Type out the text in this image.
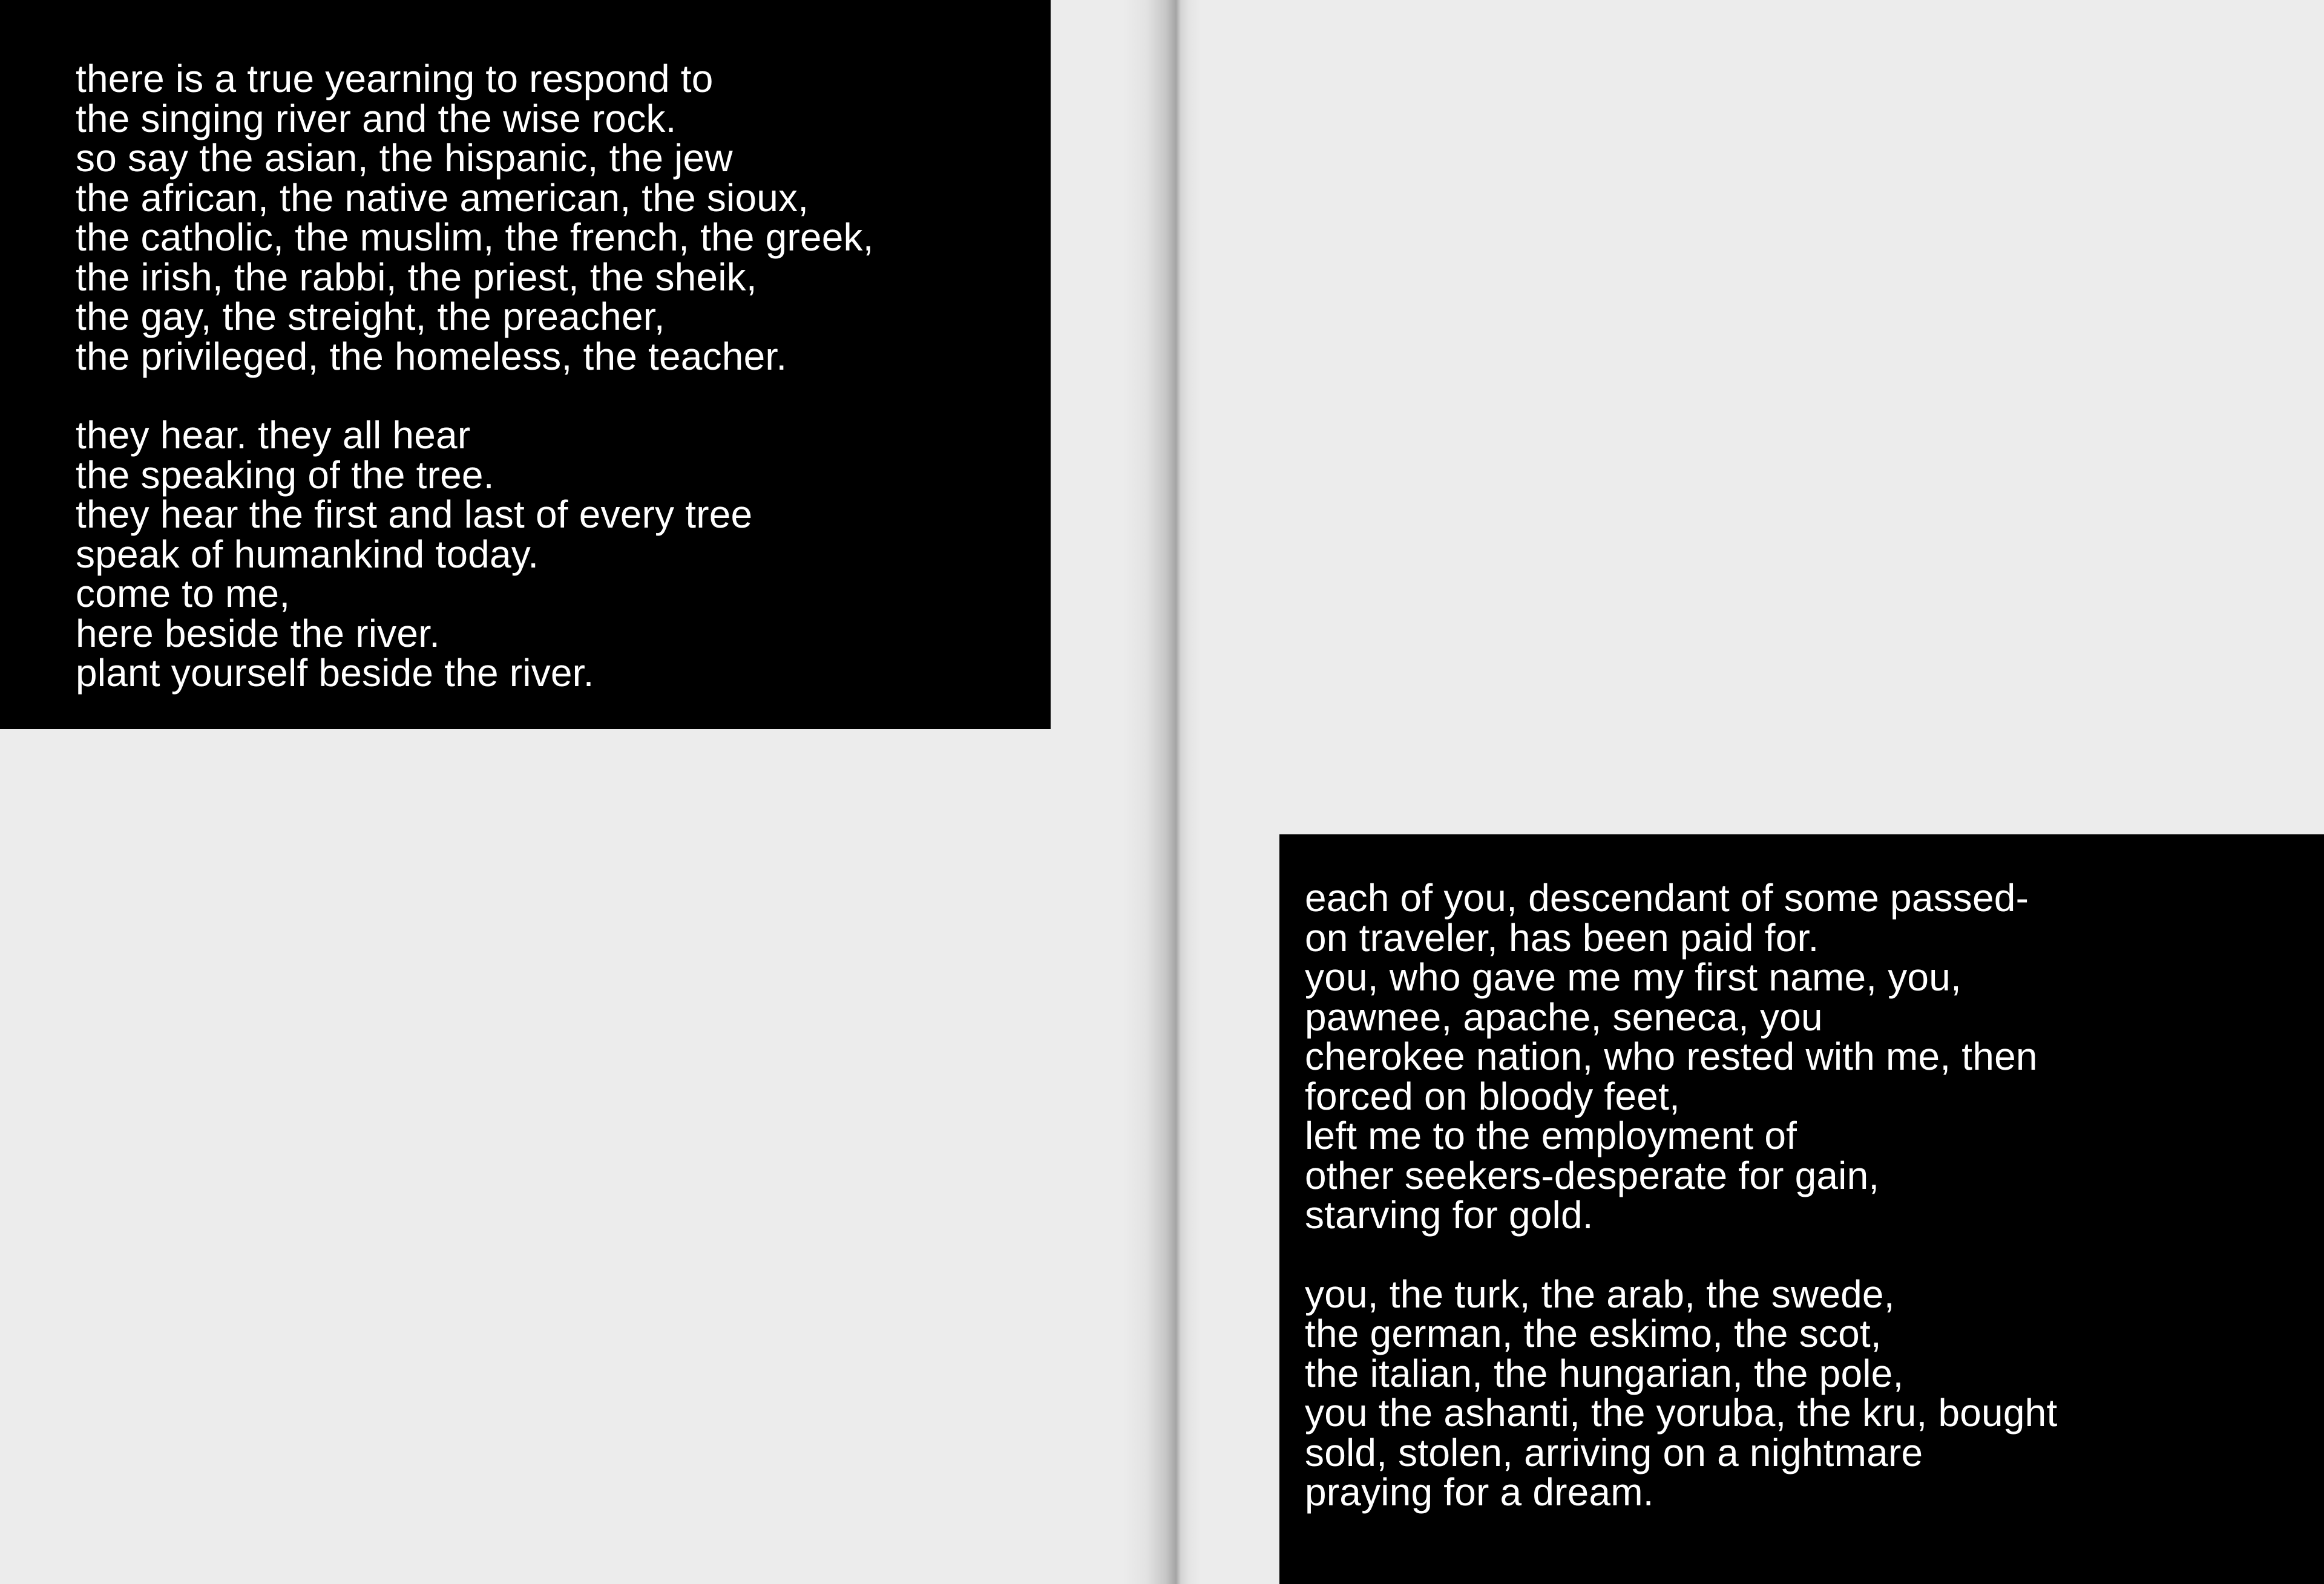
there is a true yearning to respond to
the singing river and the wise rock.
so say the asian, the hispanic, the jew
the african, the native american, the sioux,
the catholic, the muslim, the french, the greek,
the irish, the rabbi, the priest, the sheik,
the gay, the streight, the preacher,
the privileged, the homeless, the teacher.
they hear. they all hear
the speaking of the tree.
they hear the first and last of every tree
speak of humankind today.
come to me,
here beside the river.
plant yourself beside the river.
each of you, descendant of some passed-
on traveler, has been paid for.
you, who gave me my first name, you,
pawnee, apache, seneca, you
cherokee nation, who rested with me, then
forced on bloody feet,
left me to the employment of
other seekers-desperate for gain,
starving for gold.
you, the turk, the arab, the swede,
the german, the eskimo, the scot,
the italian, the hungarian, the pole,
you the ashanti, the yoruba, the kru, bought
sold, stolen, arriving on a nightmare
praying for a dream.
